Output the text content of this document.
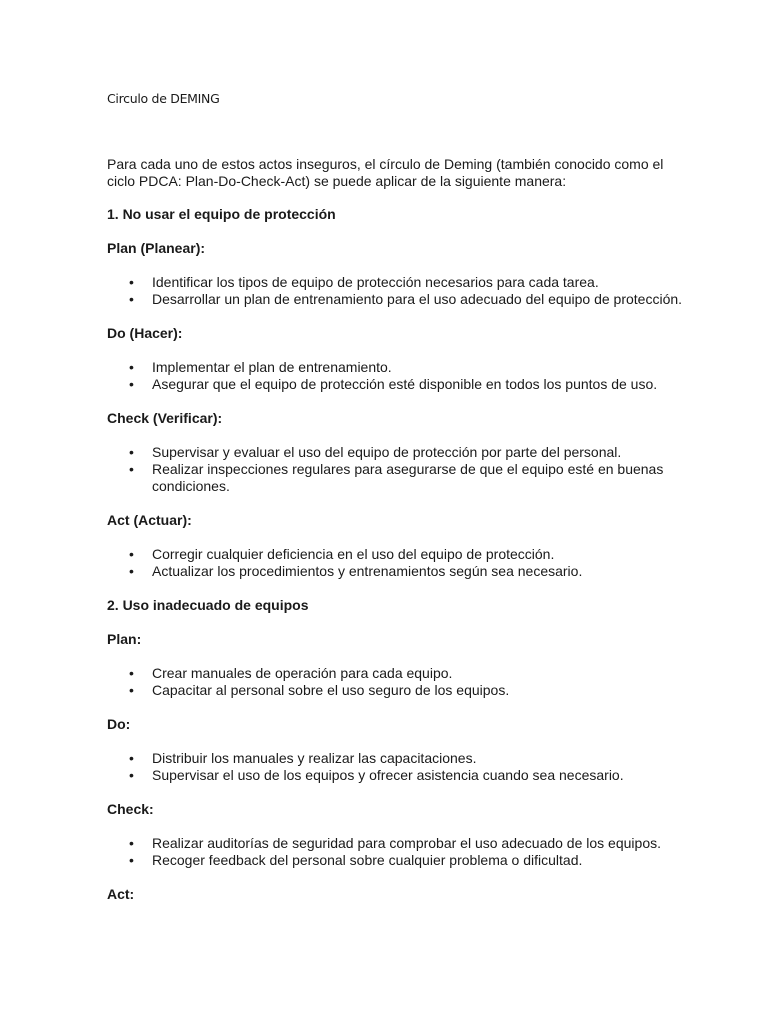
Circulo de DEMING

Para cada uno de estos actos inseguros, el círculo de Deming (también conocido como el ciclo PDCA: Plan-Do-Check-Act) se puede aplicar de la siguiente manera:

1. No usar el equipo de protección

Plan (Planear):

• Identificar los tipos de equipo de protección necesarios para cada tarea.
• Desarrollar un plan de entrenamiento para el uso adecuado del equipo de protección.

Do (Hacer):

• Implementar el plan de entrenamiento.
• Asegurar que el equipo de protección esté disponible en todos los puntos de uso.

Check (Verificar):

• Supervisar y evaluar el uso del equipo de protección por parte del personal.
• Realizar inspecciones regulares para asegurarse de que el equipo esté en buenas condiciones.

Act (Actuar):

• Corregir cualquier deficiencia en el uso del equipo de protección.
• Actualizar los procedimientos y entrenamientos según sea necesario.

2. Uso inadecuado de equipos

Plan:

• Crear manuales de operación para cada equipo.
• Capacitar al personal sobre el uso seguro de los equipos.

Do:

• Distribuir los manuales y realizar las capacitaciones.
• Supervisar el uso de los equipos y ofrecer asistencia cuando sea necesario.

Check:

• Realizar auditorías de seguridad para comprobar el uso adecuado de los equipos.
• Recoger feedback del personal sobre cualquier problema o dificultad.

Act:
